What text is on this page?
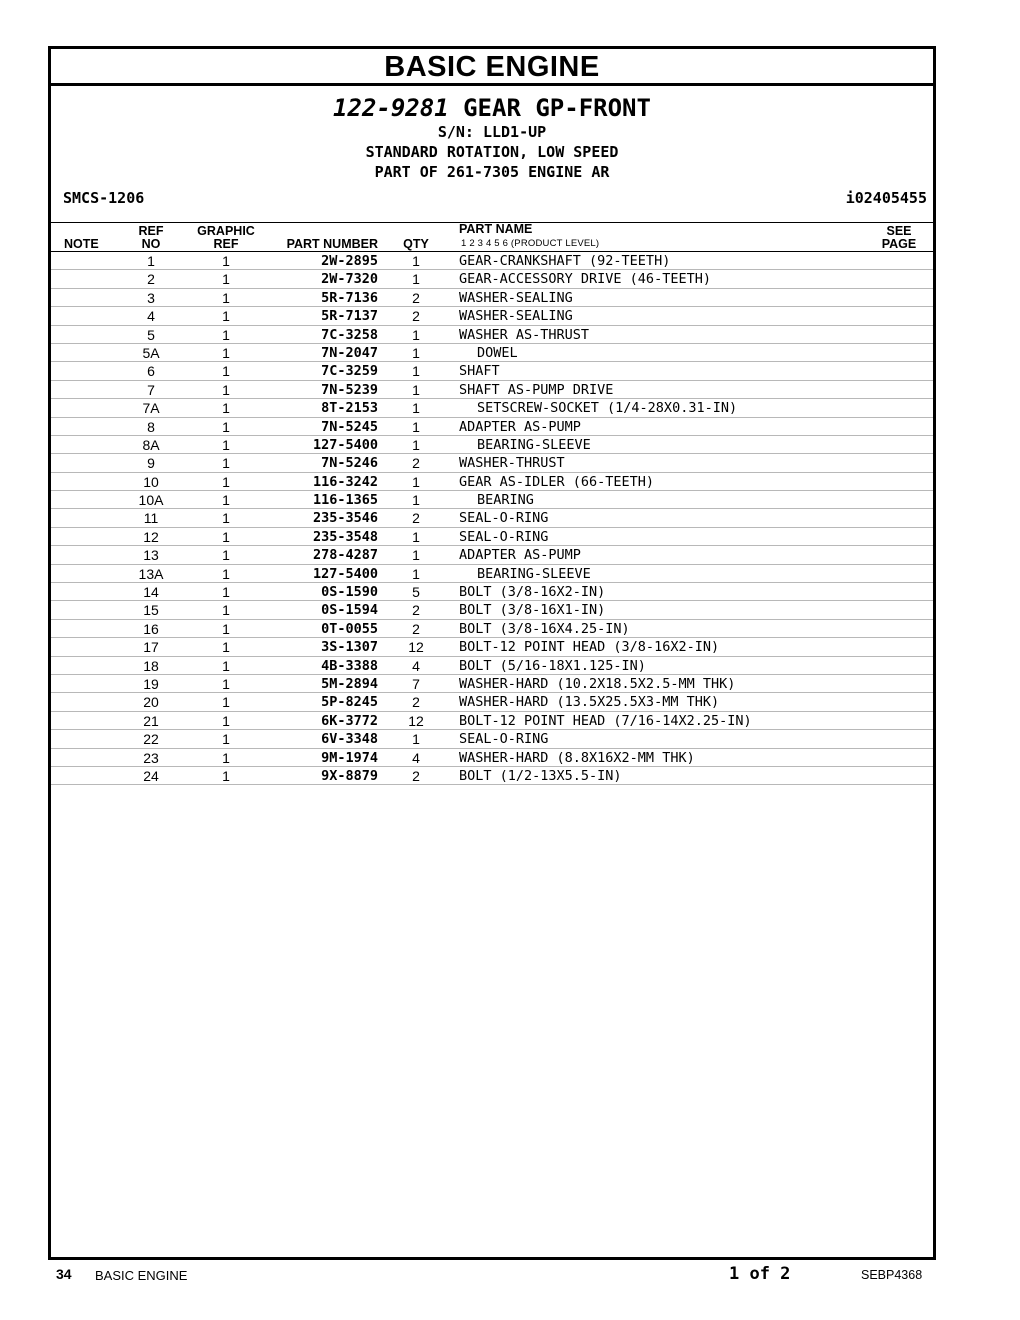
BASIC ENGINE
122-9281 GEAR GP-FRONT
S/N: LLD1-UP
STANDARD ROTATION, LOW SPEED
PART OF 261-7305 ENGINE AR
SMCS-1206	i02405455
NOTE
REF
NO
GRAPHIC
REF	PART NUMBER	QTY
PART NAME
1 2 3 4 5 6 (PRODUCT LEVEL)
SEE
PAGE
1	1	2W-2895	1	GEAR-CRANKSHAFT (92-TEETH)
2	1	2W-7320	1	GEAR-ACCESSORY DRIVE (46-TEETH)
3	1	5R-7136	2	WASHER-SEALING
4	1	5R-7137	2	WASHER-SEALING
5	1	7C-3258	1	WASHER AS-THRUST
5A	1	7N-2047	1	DOWEL
6	1	7C-3259	1	SHAFT
7	1	7N-5239	1	SHAFT AS-PUMP DRIVE
7A	1	8T-2153	1	SETSCREW-SOCKET (1/4-28X0.31-IN)
8	1	7N-5245	1	ADAPTER AS-PUMP
8A	1	127-5400	1	BEARING-SLEEVE
9	1	7N-5246	2	WASHER-THRUST
10	1	116-3242	1	GEAR AS-IDLER (66-TEETH)
10A	1	116-1365	1	BEARING
11	1	235-3546	2	SEAL-O-RING
12	1	235-3548	1	SEAL-O-RING
13	1	278-4287	1	ADAPTER AS-PUMP
13A	1	127-5400	1	BEARING-SLEEVE
14	1	0S-1590	5	BOLT (3/8-16X2-IN)
15	1	0S-1594	2	BOLT (3/8-16X1-IN)
16	1	0T-0055	2	BOLT (3/8-16X4.25-IN)
17	1	3S-1307	12	BOLT-12 POINT HEAD (3/8-16X2-IN)
18	1	4B-3388	4	BOLT (5/16-18X1.125-IN)
19	1	5M-2894	7	WASHER-HARD (10.2X18.5X2.5-MM THK)
20	1	5P-8245	2	WASHER-HARD (13.5X25.5X3-MM THK)
21	1	6K-3772	12	BOLT-12 POINT HEAD (7/16-14X2.25-IN)
22	1	6V-3348	1	SEAL-O-RING
23	1	9M-1974	4	WASHER-HARD (8.8X16X2-MM THK)
24	1	9X-8879	2	BOLT (1/2-13X5.5-IN)
34 BASIC ENGINE	1 of 2	SEBP4368
